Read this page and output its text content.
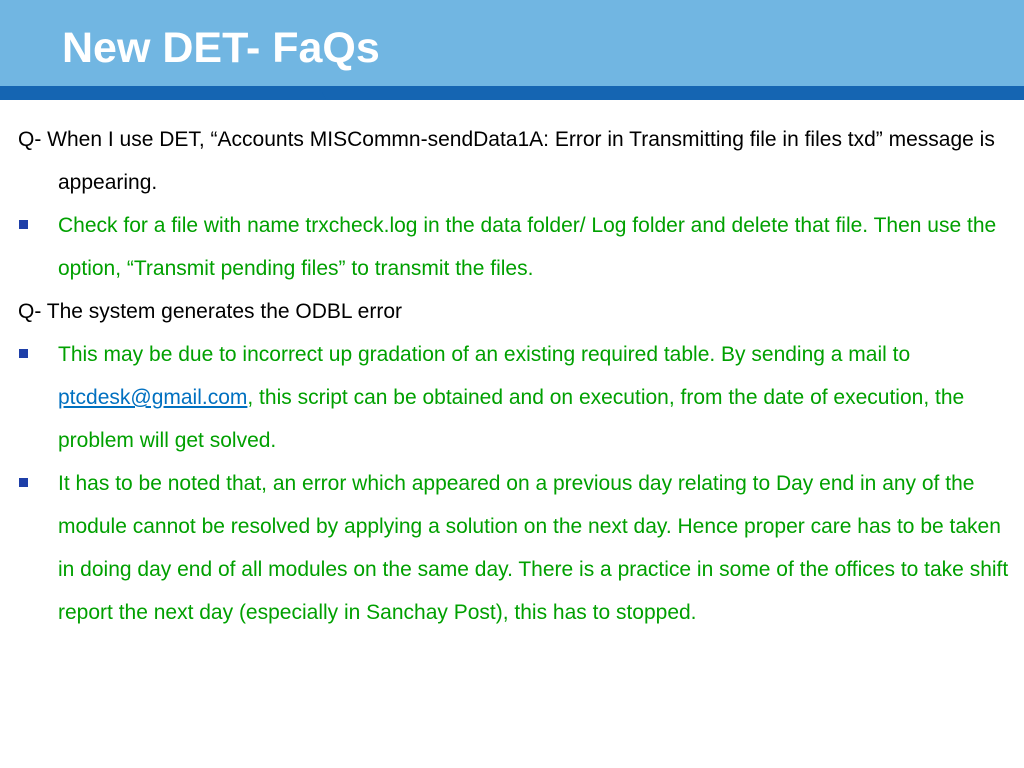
New DET- FaQs

Q- When I use DET, “Accounts MISCommn-sendData1A: Error in Transmitting file in files txd” message is appearing.

Check for a file with name trxcheck.log in the data folder/ Log folder and delete that file. Then use the option, “Transmit pending files” to transmit the files.

Q- The system generates the ODBL error

This may be due to incorrect up gradation of an existing required table. By sending a mail to ptcdesk@gmail.com, this script can be obtained and on execution, from the date of execution, the problem will get solved.

It has to be noted that, an error which appeared on a previous day relating to Day end in any of the module cannot be resolved by applying a solution on the next day. Hence proper care has to be taken in doing day end of all modules on the same day. There is a practice in some of the offices to take shift report the next day (especially in Sanchay Post), this has to stopped.
